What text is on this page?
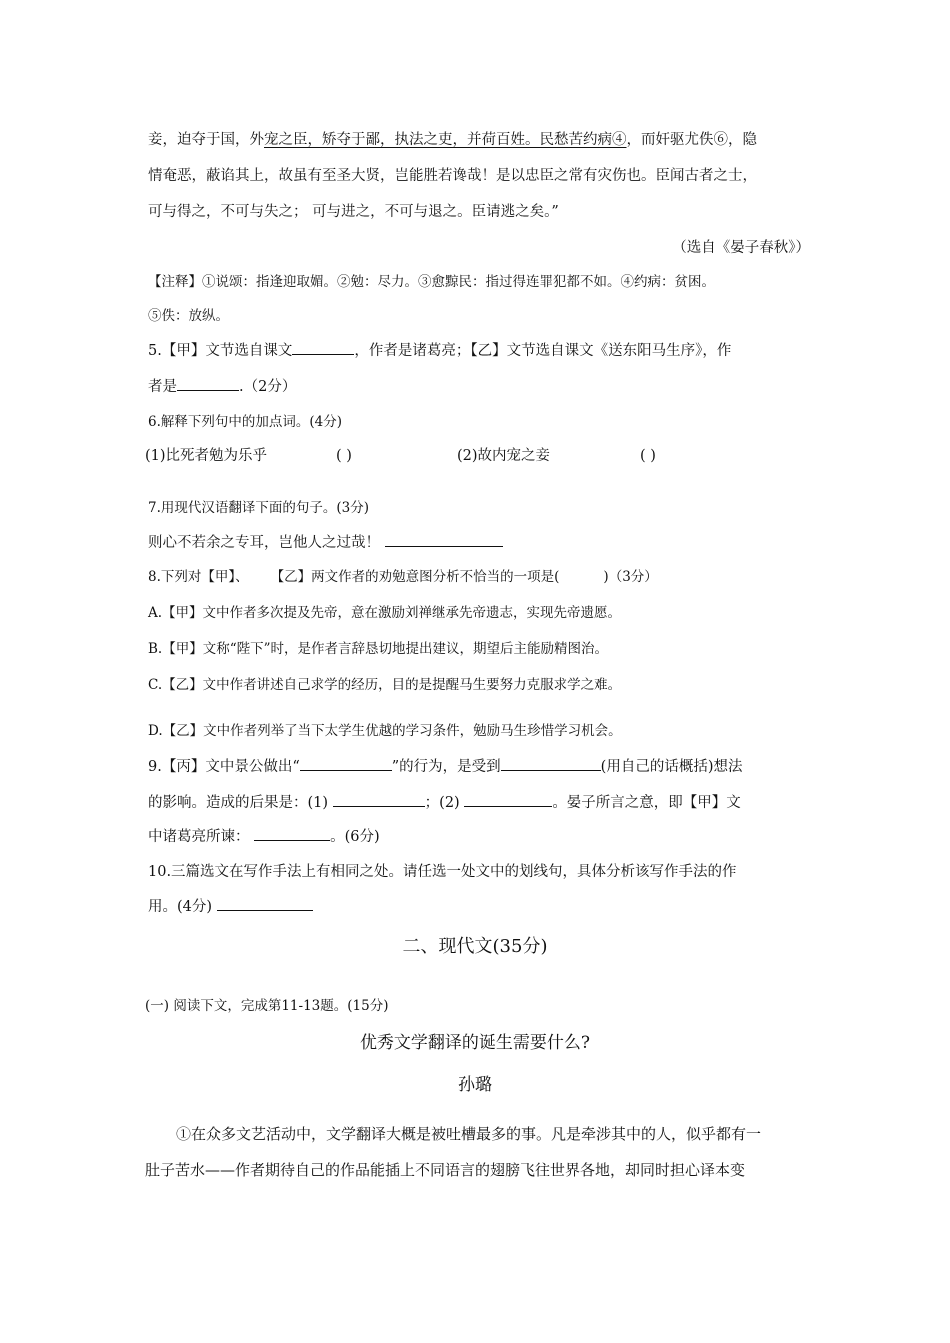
妾，迫夺于国，外宠之臣，矫夺于鄙，执法之吏，并荷百姓。民愁苦约病④，而奸驱尤佚⑥，隐
情奄恶，蔽谄其上，故虽有至圣大贤，岂能胜若谗哉！是以忠臣之常有灾伤也。臣闻古者之士，
可与得之，不可与失之； 可与进之，不可与退之。臣请逃之矣。”
（选自《晏子春秋》）
【注释】①说颂：指逢迎取媚。②勉：尽力。③愈黥民：指过得连罪犯都不如。④约病：贫困。
⑤佚：放纵。
5.【甲】文节选自课文	，作者是诸葛亮；【乙】文节选自课文《送东阳马生序》，作
者是	.（2分）
6.解释下列句中的加点词。(4分)
(1)比死者勉为乐乎	( )	(2)故内宠之妾	( )
7.用现代汉语翻译下面的句子。(3分)
则心不若余之专耳，岂他人之过哉！
8.下列对【甲】、 【乙】两文作者的劝勉意图分析不恰当的一项是(	)（3分）
A.【甲】文中作者多次提及先帝，意在激励刘禅继承先帝遗志，实现先帝遗愿。
B.【甲】文称“陛下”时，是作者言辞恳切地提出建议，期望后主能励精图治。
C.【乙】文中作者讲述自己求学的经历，目的是提醒马生要努力克服求学之难。
D.【乙】文中作者列举了当下太学生优越的学习条件，勉励马生珍惜学习机会。
9.【丙】文中景公做出“	”的行为，是受到	(用自己的话概括)想法
的影响。造成的后果是：(1)	；(2)	。晏子所言之意，即【甲】文
中诸葛亮所谏：	。(6分)
10.三篇选文在写作手法上有相同之处。请任选一处文中的划线句，具体分析该写作手法的作
用。(4分)
二、现代文(35分)
(一) 阅读下文，完成第11-13题。(15分)
优秀文学翻译的诞生需要什么?
孙璐
①在众多文艺活动中，文学翻译大概是被吐槽最多的事。凡是牵涉其中的人，似乎都有一
肚子苦水——作者期待自己的作品能插上不同语言的翅膀飞往世界各地，却同时担心译本变
